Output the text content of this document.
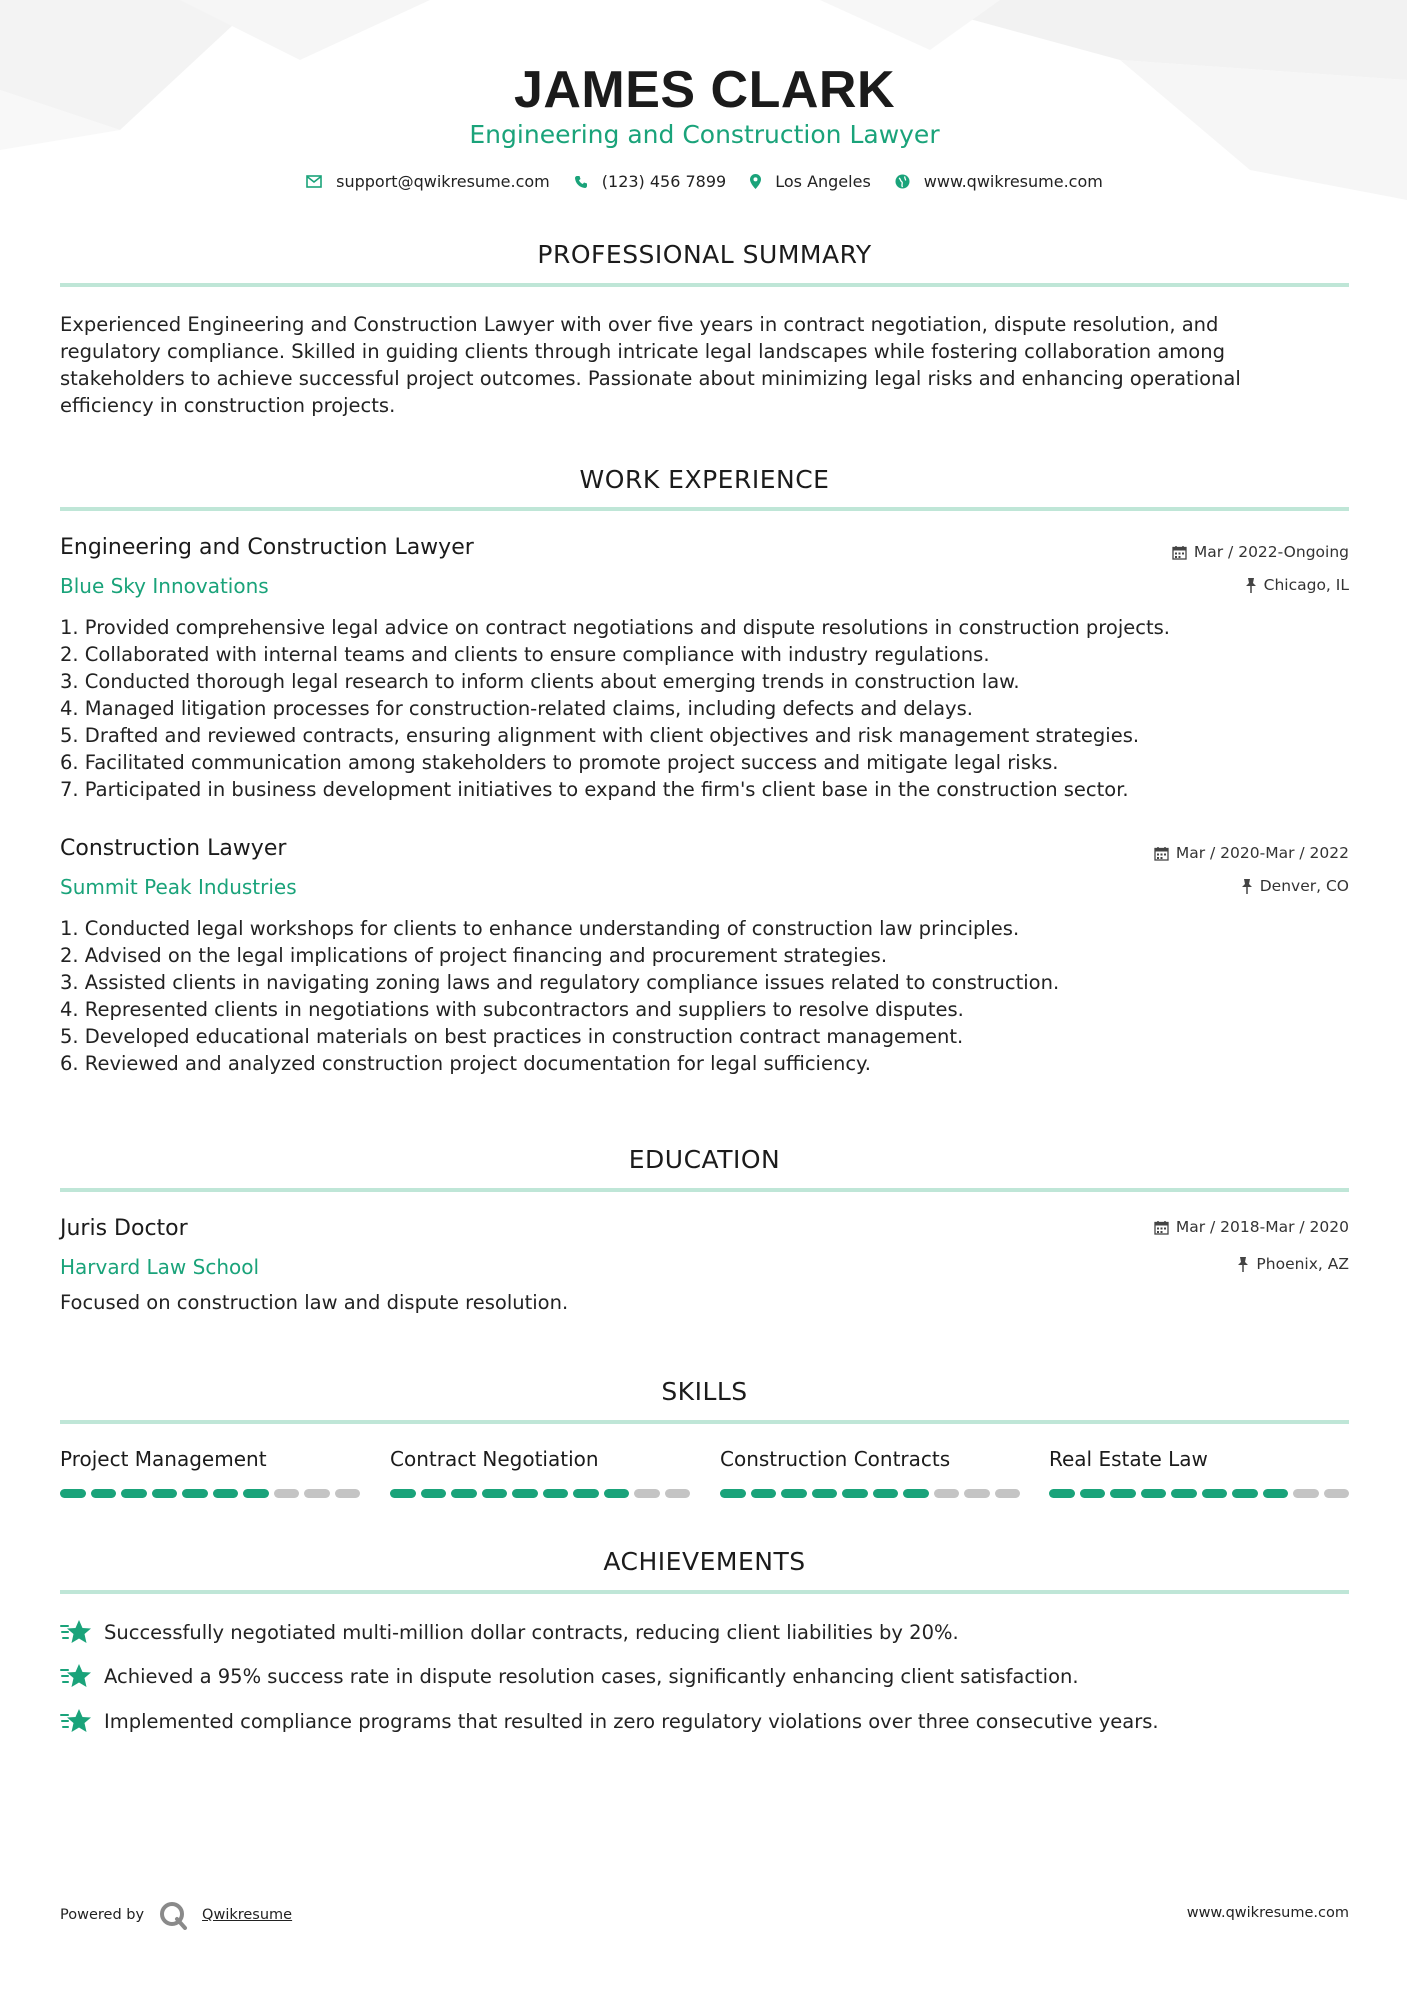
JAMES CLARK
Engineering and Construction Lawyer
support@qwikresume.com	(123) 456 7899	Los Angeles	www.qwikresume.com
PROFESSIONAL SUMMARY
Experienced Engineering and Construction Lawyer with over five years in contract negotiation, dispute resolution, and
regulatory compliance. Skilled in guiding clients through intricate legal landscapes while fostering collaboration among
stakeholders to achieve successful project outcomes. Passionate about minimizing legal risks and enhancing operational
efficiency in construction projects.
WORK EXPERIENCE
Engineering and Construction Lawyer	Mar / 2022-Ongoing
Blue Sky Innovations	Chicago, IL
1. Provided comprehensive legal advice on contract negotiations and dispute resolutions in construction projects.
2. Collaborated with internal teams and clients to ensure compliance with industry regulations.
3. Conducted thorough legal research to inform clients about emerging trends in construction law.
4. Managed litigation processes for construction-related claims, including defects and delays.
5. Drafted and reviewed contracts, ensuring alignment with client objectives and risk management strategies.
6. Facilitated communication among stakeholders to promote project success and mitigate legal risks.
7. Participated in business development initiatives to expand the firm's client base in the construction sector.
Construction Lawyer	Mar / 2020-Mar / 2022
Summit Peak Industries	Denver, CO
1. Conducted legal workshops for clients to enhance understanding of construction law principles.
2. Advised on the legal implications of project financing and procurement strategies.
3. Assisted clients in navigating zoning laws and regulatory compliance issues related to construction.
4. Represented clients in negotiations with subcontractors and suppliers to resolve disputes.
5. Developed educational materials on best practices in construction contract management.
6. Reviewed and analyzed construction project documentation for legal sufficiency.
EDUCATION
Juris Doctor	Mar / 2018-Mar / 2020
Harvard Law School	Phoenix, AZ
Focused on construction law and dispute resolution.
SKILLS
Project Management	Contract Negotiation	Construction Contracts	Real Estate Law
ACHIEVEMENTS
Successfully negotiated multi-million dollar contracts, reducing client liabilities by 20%.
Achieved a 95% success rate in dispute resolution cases, significantly enhancing client satisfaction.
Implemented compliance programs that resulted in zero regulatory violations over three consecutive years.
Powered by	Qwikresume	www.qwikresume.com
